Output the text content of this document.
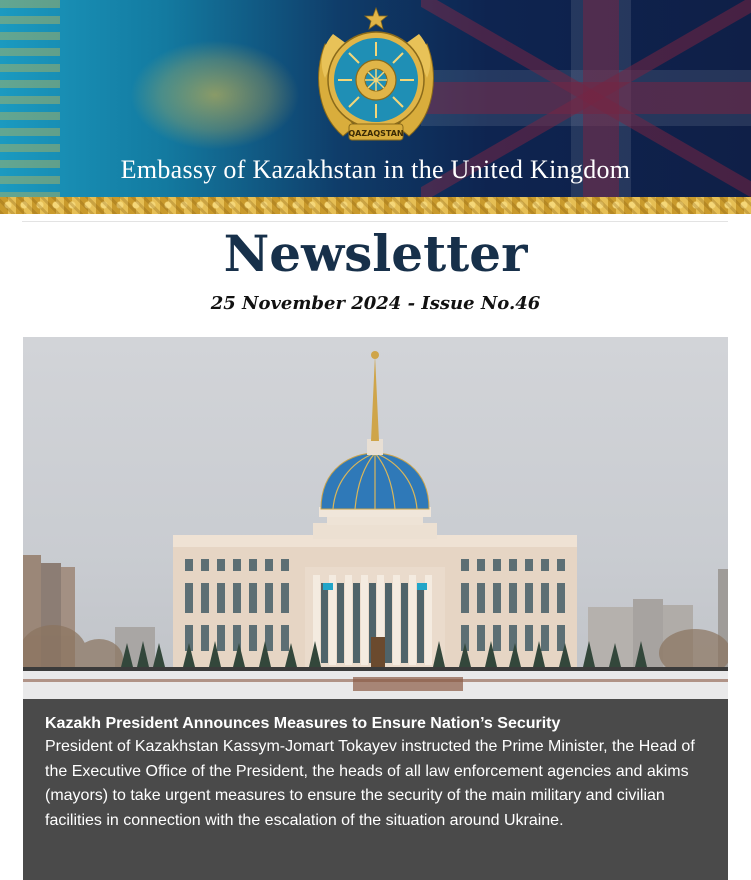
QAZAQSTAN
Embassy of Kazakhstan in the United Kingdom
Newsletter
25 November 2024 - Issue No.46

Kazakh President Announces Measures to Ensure Nation’s Security

President of Kazakhstan Kassym-Jomart Tokayev instructed the Prime Minister, the Head of the Executive Office of the President, the heads of all law enforcement agencies and akims (mayors) to take urgent measures to ensure the security of the main military and civilian facilities in connection with the escalation of the situation around Ukraine.
